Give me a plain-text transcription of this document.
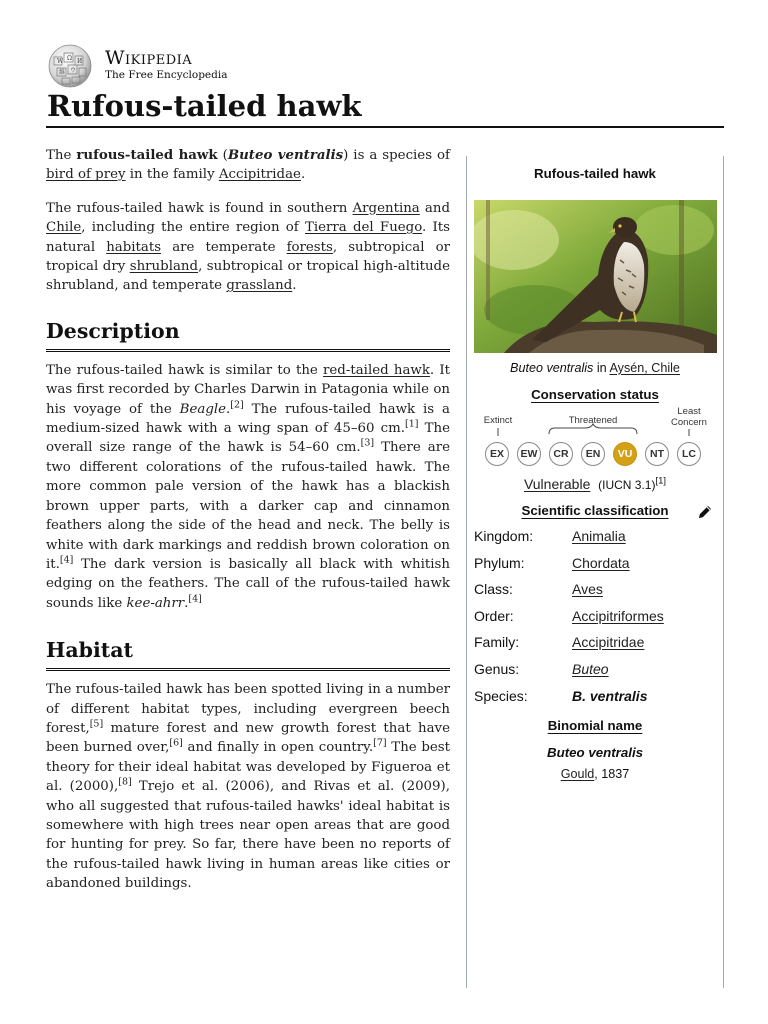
W Ω И
ウ
維
Wikipedia
The Free Encyclopedia
Rufous-tailed hawk

The rufous-tailed hawk (Buteo ventralis) is a species of bird of prey in the family Accipitridae.

The rufous-tailed hawk is found in southern Argentina and Chile, including the entire region of Tierra del Fuego. Its natural habitats are temperate forests, subtropical or tropical dry shrubland, subtropical or tropical high-altitude shrubland, and temperate grassland.

Description

The rufous-tailed hawk is similar to the red-tailed hawk. It was first recorded by Charles Darwin in Patagonia while on his voyage of the Beagle.[2] The rufous-tailed hawk is a medium-sized hawk with a wing span of 45–60 cm.[1] The overall size range of the hawk is 54–60 cm.[3] There are two different colorations of the rufous-tailed hawk. The more common pale version of the hawk has a blackish brown upper parts, with a darker cap and cinnamon feathers along the side of the head and neck. The belly is white with dark markings and reddish brown coloration on it.[4] The dark version is basically all black with whitish edging on the feathers. The call of the rufous-tailed hawk sounds like kee-ahrr.[4]

Habitat

The rufous-tailed hawk has been spotted living in a number of different habitat types, including evergreen beech forest,[5] mature forest and new growth forest that have been burned over,[6] and finally in open country.[7] The best theory for their ideal habitat was developed by Figueroa et al. (2000),[8] Trejo et al. (2006), and Rivas et al. (2009), who all suggested that rufous-tailed hawks' ideal habitat is somewhere with high trees near open areas that are good for hunting for prey. So far, there have been no reports of the rufous-tailed hawk living in human areas like cities or abandoned buildings.

Rufous-tailed hawk
Buteo ventralis in Aysén, Chile
Conservation status
Extinct	Threatened
Least
Concern
EX	EW	CR	EN	VU	NT	LC
Vulnerable (IUCN 3.1)[1]
Scientific classification
Kingdom:	Animalia
Phylum:	Chordata
Class:	Aves
Order:	Accipitriformes
Family:	Accipitridae
Genus:	Buteo
Species:	B. ventralis
Binomial name
Buteo ventralis
Gould, 1837
